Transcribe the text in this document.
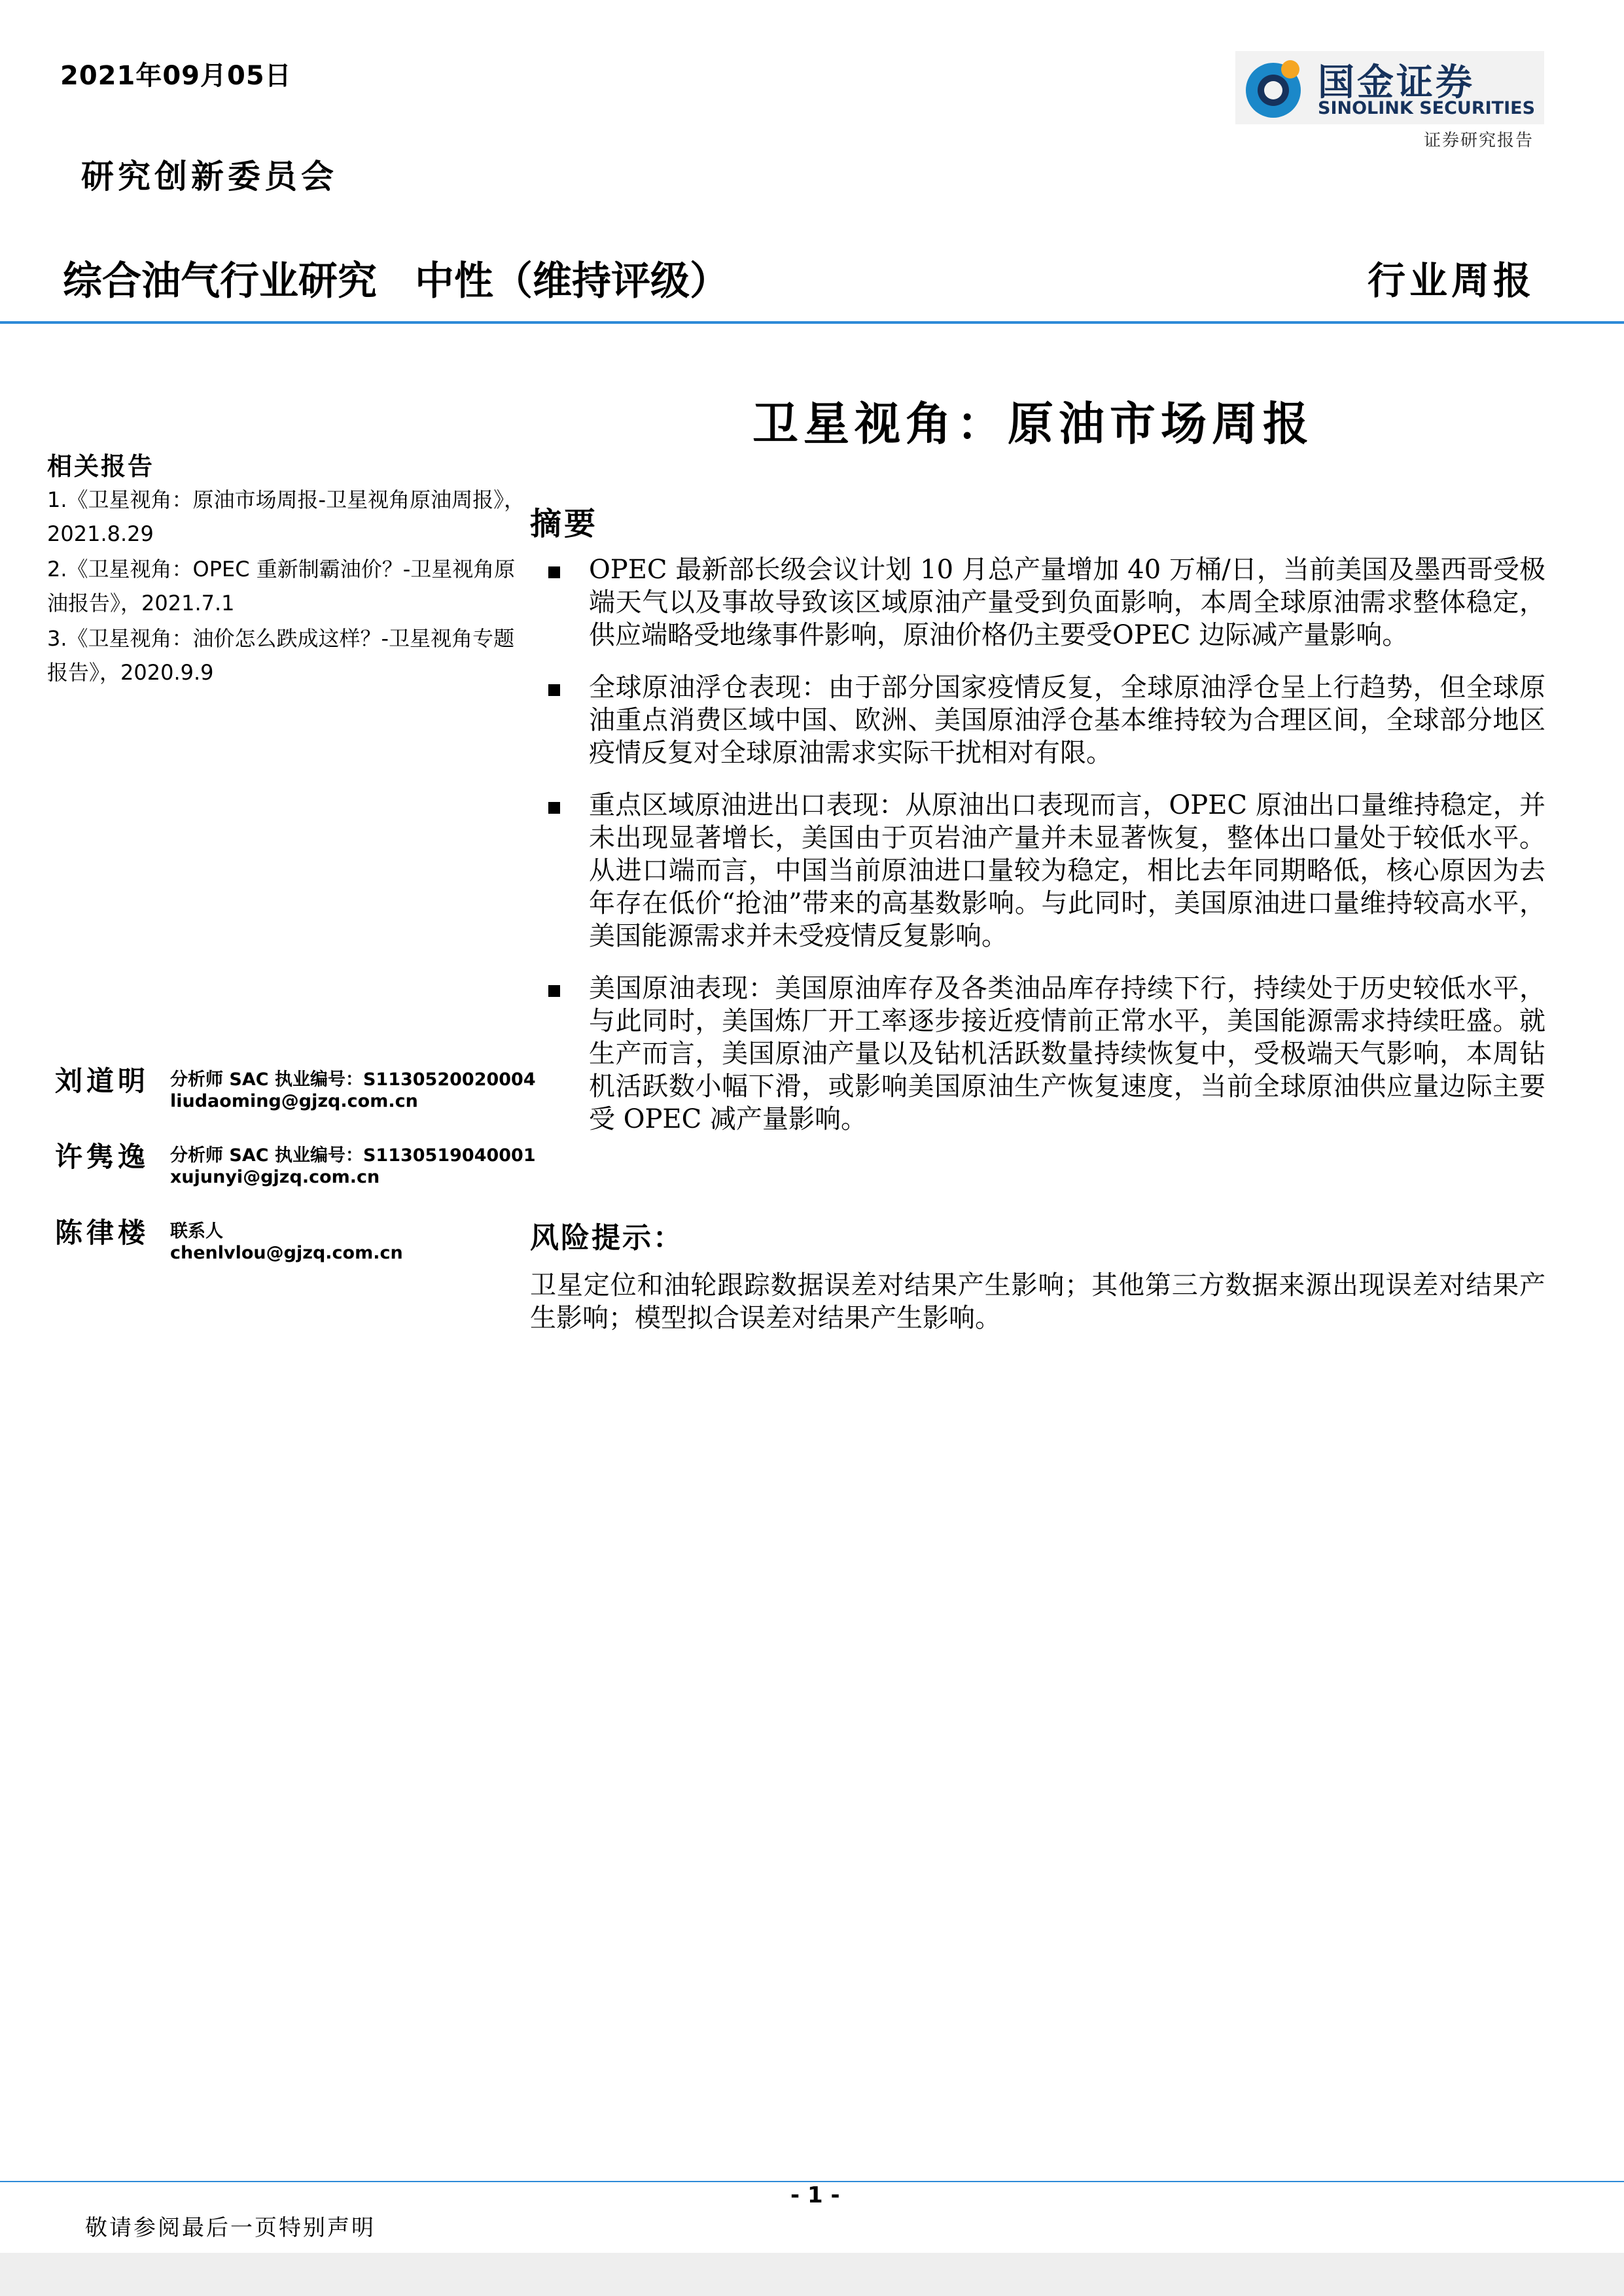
2021年09月05日
研究创新委员会
国金证券
SINOLINK SECURITIES
证券研究报告
综合油气行业研究 中性（维持评级）	行业周报
相关报告
1.《卫星视角：原油市场周报-卫星视角原油周报》，2021.8.29
2.《卫星视角：OPEC 重新制霸油价？-卫星视角原油报告》，2021.7.1
3.《卫星视角：油价怎么跌成这样？-卫星视角专题报告》，2020.9.9
刘道明 分析师 SAC 执业编号：S1130520020004
liudaoming@gjzq.com.cn
许隽逸 分析师 SAC 执业编号：S1130519040001
xujunyi@gjzq.com.cn
陈律楼 联系人
chenlvlou@gjzq.com.cn
卫星视角：原油市场周报
摘要
OPEC 最新部长级会议计划 10 月总产量增加 40 万桶/日，当前美国及墨西哥受极端天气以及事故导致该区域原油产量受到负面影响，本周全球原油需求整体稳定，供应端略受地缘事件影响，原油价格仍主要受OPEC 边际减产量影响。
全球原油浮仓表现：由于部分国家疫情反复，全球原油浮仓呈上行趋势，但全球原油重点消费区域中国、欧洲、美国原油浮仓基本维持较为合理区间，全球部分地区疫情反复对全球原油需求实际干扰相对有限。
重点区域原油进出口表现：从原油出口表现而言，OPEC 原油出口量维持稳定，并未出现显著增长，美国由于页岩油产量并未显著恢复，整体出口量处于较低水平。从进口端而言，中国当前原油进口量较为稳定，相比去年同期略低，核心原因为去年存在低价“抢油”带来的高基数影响。与此同时，美国原油进口量维持较高水平，美国能源需求并未受疫情反复影响。
美国原油表现：美国原油库存及各类油品库存持续下行，持续处于历史较低水平，与此同时，美国炼厂开工率逐步接近疫情前正常水平，美国能源需求持续旺盛。就生产而言，美国原油产量以及钻机活跃数量持续恢复中，受极端天气影响，本周钻机活跃数小幅下滑，或影响美国原油生产恢复速度，当前全球原油供应量边际主要受 OPEC 减产量影响。
风险提示：
卫星定位和油轮跟踪数据误差对结果产生影响；其他第三方数据来源出现误差对结果产生影响；模型拟合误差对结果产生影响。
- 1 -
敬请参阅最后一页特别声明
